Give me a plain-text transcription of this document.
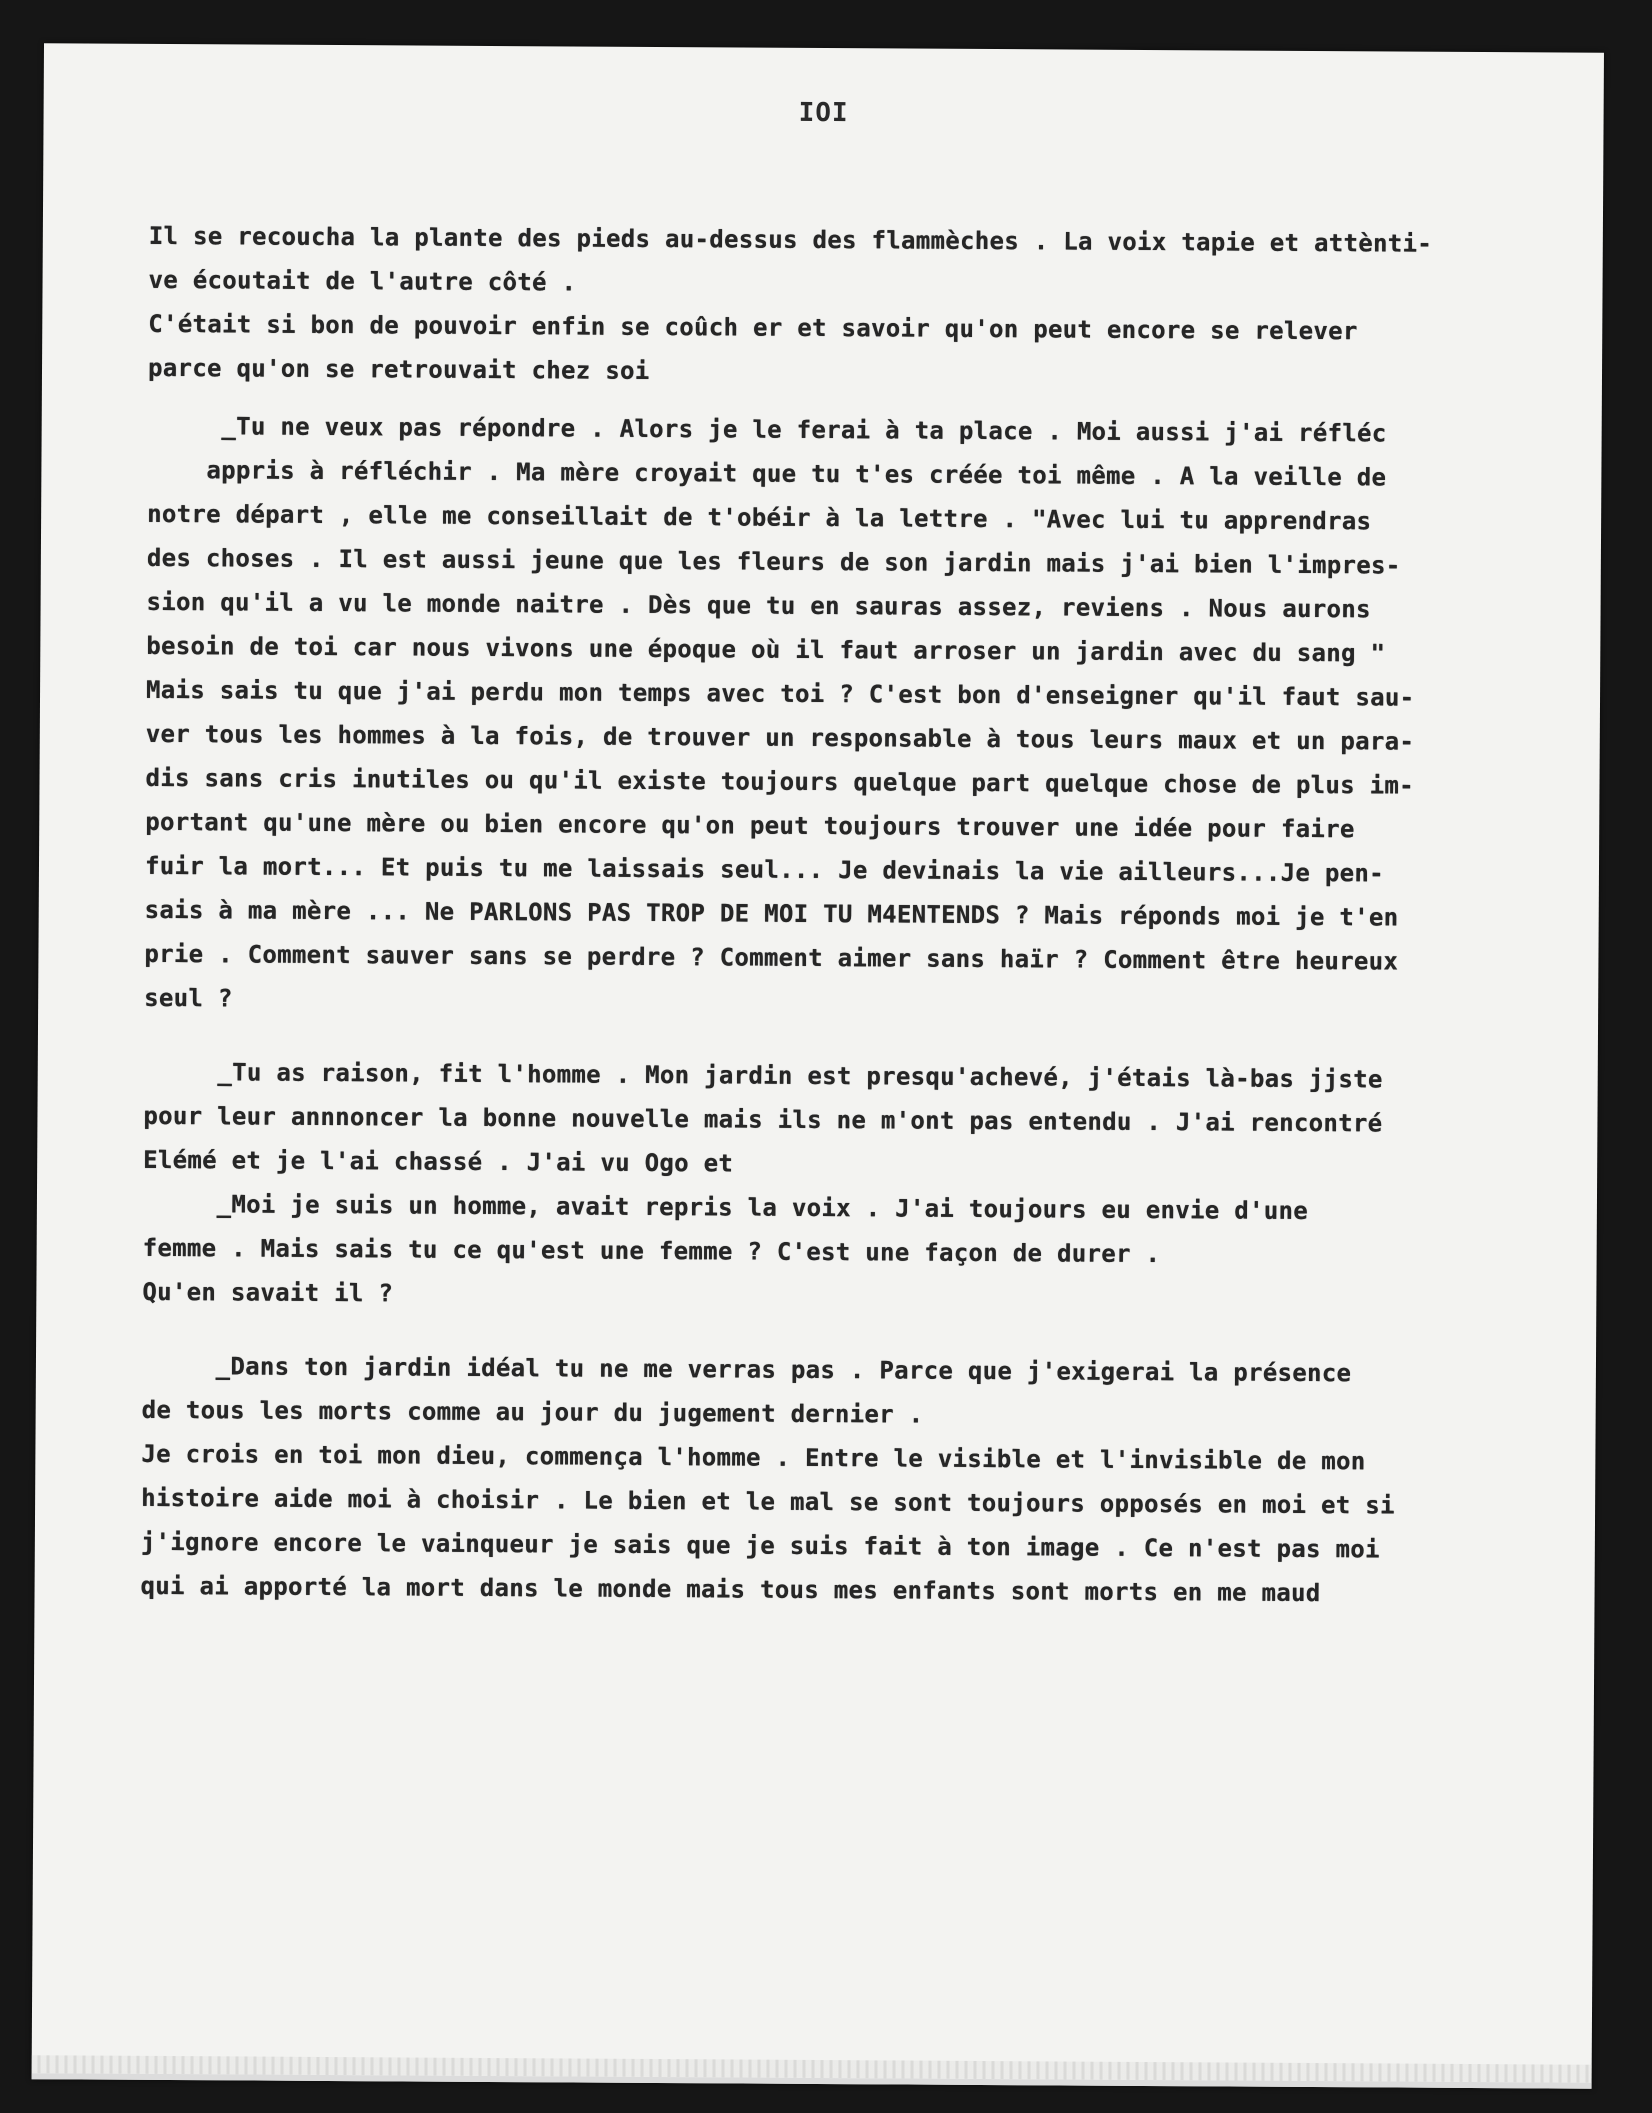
IOI
Il se recoucha la plante des pieds au-dessus des flammèches . La voix tapie et attènti-
ve écoutait de l'autre côté .
C'était si bon de pouvoir enfin se coûch er et savoir qu'on peut encore se relever
parce qu'on se retrouvait chez soi
_Tu ne veux pas répondre . Alors je le ferai à ta place . Moi aussi j'ai réfléc
appris à réfléchir . Ma mère croyait que tu t'es créée toi même . A la veille de
notre départ , elle me conseillait de t'obéir à la lettre . "Avec lui tu apprendras
des choses . Il est aussi jeune que les fleurs de son jardin mais j'ai bien l'impres-
sion qu'il a vu le monde naitre . Dès que tu en sauras assez, reviens . Nous aurons
besoin de toi car nous vivons une époque où il faut arroser un jardin avec du sang "
Mais sais tu que j'ai perdu mon temps avec toi ? C'est bon d'enseigner qu'il faut sau-
ver tous les hommes à la fois, de trouver un responsable à tous leurs maux et un para-
dis sans cris inutiles ou qu'il existe toujours quelque part quelque chose de plus im-
portant qu'une mère ou bien encore qu'on peut toujours trouver une idée pour faire
fuir la mort... Et puis tu me laissais seul... Je devinais la vie ailleurs...Je pen-
sais à ma mère ... Ne PARLONS PAS TROP DE MOI TU M4ENTENDS ? Mais réponds moi je t'en
prie . Comment sauver sans se perdre ? Comment aimer sans haïr ? Comment être heureux
seul ?
_Tu as raison, fit l'homme . Mon jardin est presqu'achevé, j'étais là-bas jjste
pour leur annnoncer la bonne nouvelle mais ils ne m'ont pas entendu . J'ai rencontré
Elémé et je l'ai chassé . J'ai vu Ogo et
_Moi je suis un homme, avait repris la voix . J'ai toujours eu envie d'une
femme . Mais sais tu ce qu'est une femme ? C'est une façon de durer .
Qu'en savait il ?
_Dans ton jardin idéal tu ne me verras pas . Parce que j'exigerai la présence
de tous les morts comme au jour du jugement dernier .
Je crois en toi mon dieu, commença l'homme . Entre le visible et l'invisible de mon
histoire aide moi à choisir . Le bien et le mal se sont toujours opposés en moi et si
j'ignore encore le vainqueur je sais que je suis fait à ton image . Ce n'est pas moi
qui ai apporté la mort dans le monde mais tous mes enfants sont morts en me maud
